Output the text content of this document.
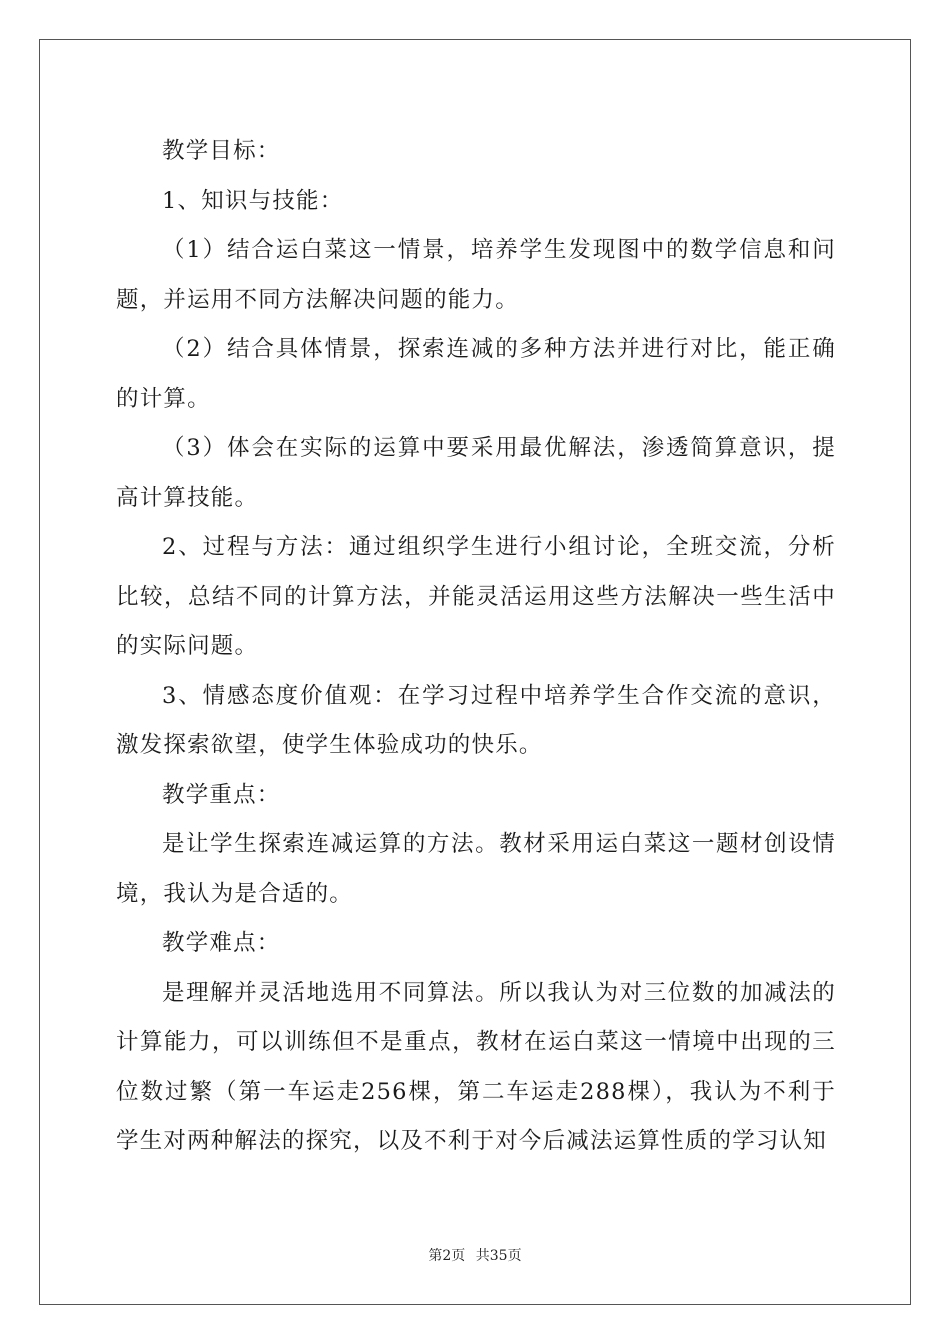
教学目标：

1、知识与技能：

（1）结合运白菜这一情景，培养学生发现图中的数学信息和问题，并运用不同方法解决问题的能力。

（2）结合具体情景，探索连减的多种方法并进行对比，能正确的计算。

（3）体会在实际的运算中要采用最优解法，渗透简算意识，提高计算技能。

2、过程与方法：通过组织学生进行小组讨论，全班交流，分析比较，总结不同的计算方法，并能灵活运用这些方法解决一些生活中的实际问题。

3、情感态度价值观：在学习过程中培养学生合作交流的意识，激发探索欲望，使学生体验成功的快乐。

教学重点：

是让学生探索连减运算的方法。教材采用运白菜这一题材创设情境，我认为是合适的。

教学难点：

是理解并灵活地选用不同算法。所以我认为对三位数的加减法的计算能力，可以训练但不是重点，教材在运白菜这一情境中出现的三位数过繁（第一车运走256棵，第二车运走288棵），我认为不利于学生对两种解法的探究，以及不利于对今后减法运算性质的学习认知

第2页 共35页
